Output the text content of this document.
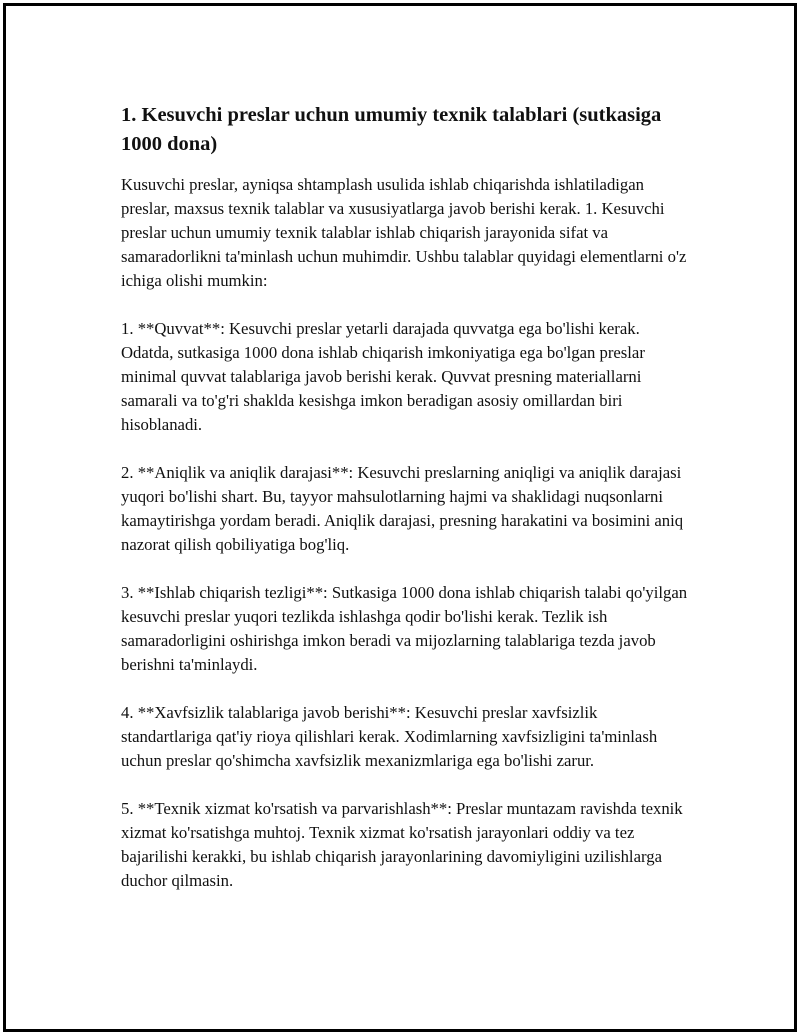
1. Kesuvchi preslar uchun umumiy texnik talablari (sutkasiga 1000 dona)

Kusuvchi preslar, ayniqsa shtamplash usulida ishlab chiqarishda ishlatiladigan preslar, maxsus texnik talablar va xususiyatlarga javob berishi kerak. 1. Kesuvchi preslar uchun umumiy texnik talablar ishlab chiqarish jarayonida sifat va samaradorlikni ta'minlash uchun muhimdir. Ushbu talablar quyidagi elementlarni o'z ichiga olishi mumkin:

1. **Quvvat**: Kesuvchi preslar yetarli darajada quvvatga ega bo'lishi kerak. Odatda, sutkasiga 1000 dona ishlab chiqarish imkoniyatiga ega bo'lgan preslar minimal quvvat talablariga javob berishi kerak. Quvvat presning materiallarni samarali va to'g'ri shaklda kesishga imkon beradigan asosiy omillardan biri hisoblanadi.

2. **Aniqlik va aniqlik darajasi**: Kesuvchi preslarning aniqligi va aniqlik darajasi yuqori bo'lishi shart. Bu, tayyor mahsulotlarning hajmi va shaklidagi nuqsonlarni kamaytirishga yordam beradi. Aniqlik darajasi, presning harakatini va bosimini aniq nazorat qilish qobiliyatiga bog'liq.

3. **Ishlab chiqarish tezligi**: Sutkasiga 1000 dona ishlab chiqarish talabi qo'yilgan kesuvchi preslar yuqori tezlikda ishlashga qodir bo'lishi kerak. Tezlik ish samaradorligini oshirishga imkon beradi va mijozlarning talablariga tezda javob berishni ta'minlaydi.

4. **Xavfsizlik talablariga javob berishi**: Kesuvchi preslar xavfsizlik standartlariga qat'iy rioya qilishlari kerak. Xodimlarning xavfsizligini ta'minlash uchun preslar qo'shimcha xavfsizlik mexanizmlariga ega bo'lishi zarur.

5. **Texnik xizmat ko'rsatish va parvarishlash**: Preslar muntazam ravishda texnik xizmat ko'rsatishga muhtoj. Texnik xizmat ko'rsatish jarayonlari oddiy va tez bajarilishi kerakki, bu ishlab chiqarish jarayonlarining davomiyligini uzilishlarga duchor qilmasin.
